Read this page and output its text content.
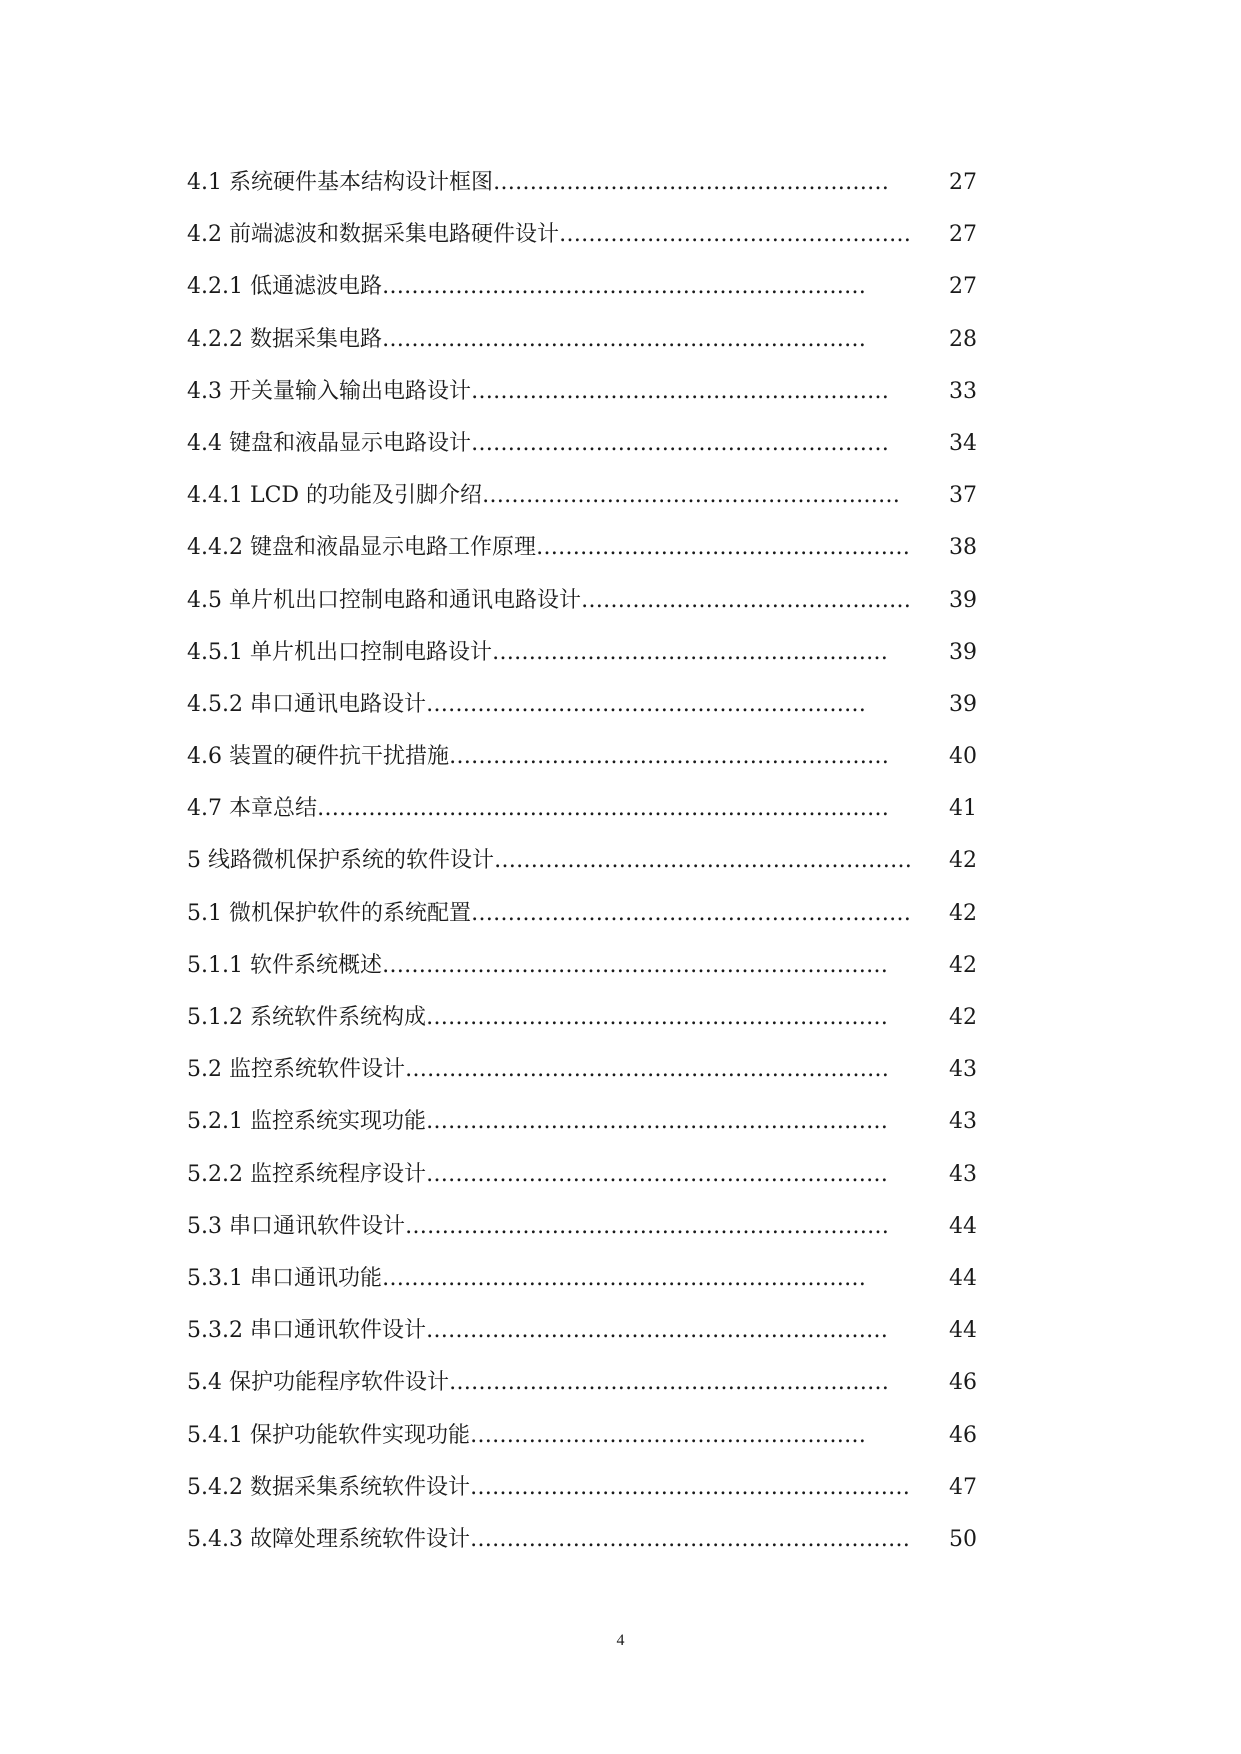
4.1 系统硬件基本结构设计框图 ………………………………………………	27
4.2 前端滤波和数据采集电路硬件设计 …………………………………………	27
4.2.1 低通滤波电路 …………………………………………………………	27
4.2.2 数据采集电路 …………………………………………………………	28
4.3 开关量输入输出电路设计 …………………………………………………	33
4.4 键盘和液晶显示电路设计 …………………………………………………	34
4.4.1 LCD 的功能及引脚介绍 …………………………………………………	37
4.4.2 键盘和液晶显示电路工作原理 ……………………………………………	38
4.5 单片机出口控制电路和通讯电路设计 ………………………………………	39
4.5.1 单片机出口控制电路设计 ………………………………………………	39
4.5.2 串口通讯电路设计 ……………………………………………………	39
4.6 装置的硬件抗干扰措施 ……………………………………………………	40
4.7 本章总结 ……………………………………………………………………	41
5 线路微机保护系统的软件设计 …………………………………………………	42
5.1 微机保护软件的系统配置 ……………………………………………………	42
5.1.1 软件系统概述 ……………………………………………………………	42
5.1.2 系统软件系统构成 ………………………………………………………	42
5.2 监控系统软件设计 …………………………………………………………	43
5.2.1 监控系统实现功能 ………………………………………………………	43
5.2.2 监控系统程序设计 ………………………………………………………	43
5.3 串口通讯软件设计 …………………………………………………………	44
5.3.1 串口通讯功能 …………………………………………………………	44
5.3.2 串口通讯软件设计 ………………………………………………………	44
5.4 保护功能程序软件设计 ……………………………………………………	46
5.4.1 保护功能软件实现功能 ………………………………………………	46
5.4.2 数据采集系统软件设计 ……………………………………………………	47
5.4.3 故障处理系统软件设计 ……………………………………………………	50
4
